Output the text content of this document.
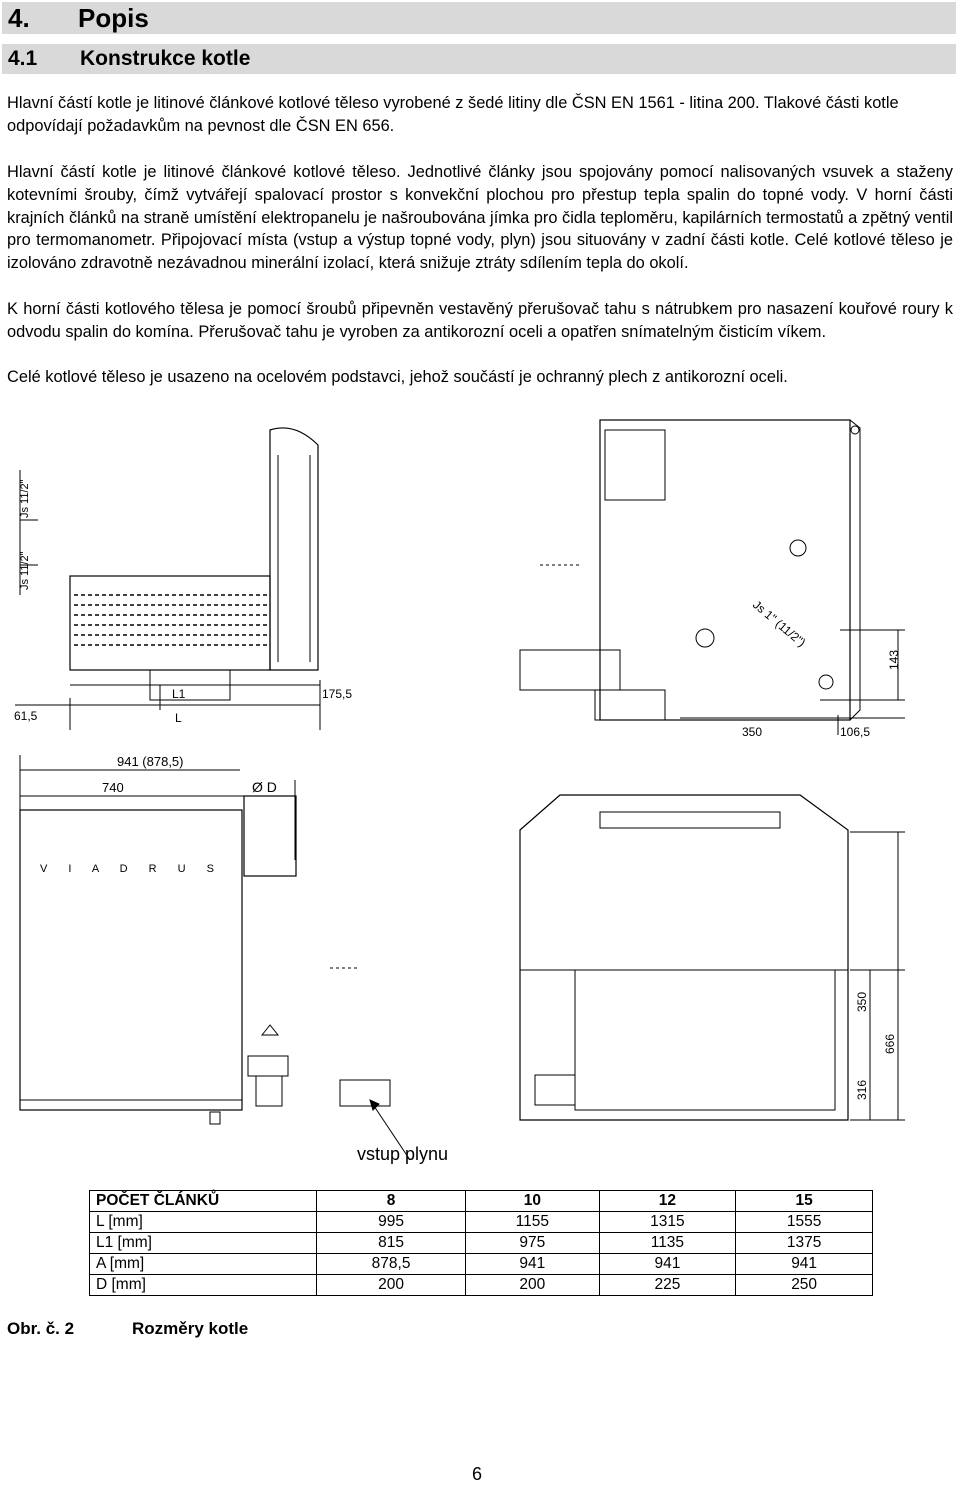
4. Popis
4.1 Konstrukce kotle

Hlavní částí kotle je litinové článkové kotlové těleso vyrobené z šedé litiny dle ČSN EN 1561 - litina 200. Tlakové části kotle odpovídají požadavkům na pevnost dle ČSN EN 656.

Hlavní částí kotle je litinové článkové kotlové těleso. Jednotlivé články jsou spojovány pomocí nalisovaných vsuvek a staženy kotevními šrouby, čímž vytvářejí spalovací prostor s konvekční plochou pro přestup tepla spalin do topné vody. V horní části krajních článků na straně umístění elektropanelu je našroubována jímka pro čidla teploměru, kapilárních termostatů a zpětný ventil pro termomanometr. Připojovací místa (vstup a výstup topné vody, plyn) jsou situovány v zadní části kotle. Celé kotlové těleso je izolováno zdravotně nezávadnou minerální izolací, která snižuje ztráty sdílením tepla do okolí.

K horní části kotlového tělesa je pomocí šroubů připevněn vestavěný přerušovač tahu s nátrubkem pro nasazení kouřové roury k odvodu spalin do komína. Přerušovač tahu je vyroben za antikorozní oceli a opatřen snímatelným čisticím víkem.

Celé kotlové těleso je usazeno na ocelovém podstavci, jehož součástí je ochranný plech z antikorozní oceli.

Js 11/2"
Js 11/2"
61,5
L1
L
175,5
941 (878,5)
740	Ø D
V I A D R U S
Js 1" (11/2")
143
350	106,5
350
666
316
vstup plynu
POČET ČLÁNKŮ	8	10	12	15
L [mm]	995	1155	1315	1555
L1 [mm]	815	975	1135	1375
A [mm]	878,5	941	941	941
D [mm]	200	200	225	250
Obr. č. 2	Rozměry kotle
6
